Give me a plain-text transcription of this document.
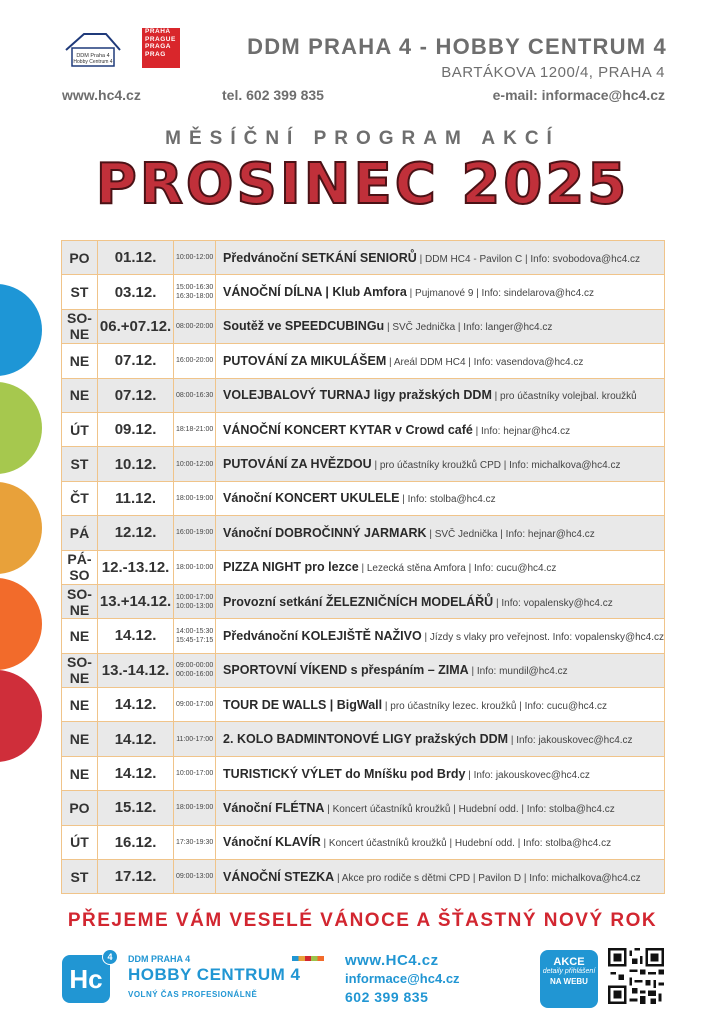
DDM Praha 4
Hobby Centrum 4
PRAHA
PRAGUE
PRAGA
PRAG	DDM PRAHA 4 - HOBBY CENTRUM 4
BARTÁKOVA 1200/4, PRAHA 4
www.hc4.cz	tel. 602 399 835	e-mail: informace@hc4.cz
MĚSÍČNÍ PROGRAM AKCÍ
PROSINEC 2025
PO	01.12.	10:00-12:00	Předvánoční SETKÁNÍ SENIORŮ | DDM HC4 - Pavilon C | Info: svobodova@hc4.cz
ST	03.12.	15:00-16:30
16:30-18:00	VÁNOČNÍ DÍLNA | Klub Amfora | Pujmanové 9 | Info: sindelarova@hc4.cz
SO-NE	06.+07.12.	08:00-20:00	Soutěž ve SPEEDCUBINGu | SVČ Jednička | Info: langer@hc4.cz
NE	07.12.	16:00-20:00	PUTOVÁNÍ ZA MIKULÁŠEM | Areál DDM HC4 | Info: vasendova@hc4.cz
NE	07.12.	08:00-16:30	VOLEJBALOVÝ TURNAJ ligy pražských DDM | pro účastníky volejbal. kroužků
ÚT	09.12.	18:18-21:00	VÁNOČNÍ KONCERT KYTAR v Crowd café | Info: hejnar@hc4.cz
ST	10.12.	10:00-12:00	PUTOVÁNÍ ZA HVĚZDOU | pro účastníky kroužků CPD | Info: michalkova@hc4.cz
ČT	11.12.	18:00-19:00	Vánoční KONCERT UKULELE | Info: stolba@hc4.cz
PÁ	12.12.	16:00-19:00	Vánoční DOBROČINNÝ JARMARK | SVČ Jednička | Info: hejnar@hc4.cz
PÁ-SO	12.-13.12.	18:00-10:00	PIZZA NIGHT pro lezce | Lezecká stěna Amfora | Info: cucu@hc4.cz
SO-NE	13.+14.12.	10:00-17:00
10:00-13:00	Provozní setkání ŽELEZNIČNÍCH MODELÁŘŮ | Info: vopalensky@hc4.cz
NE	14.12.	14:00-15:30
15:45-17:15	Předvánoční KOLEJIŠTĚ NAŽIVO | Jízdy s vlaky pro veřejnost. Info: vopalensky@hc4.cz
SO-NE	13.-14.12.	09:00-00:00
00:00-16:00	SPORTOVNÍ VÍKEND s přespáním – ZIMA | Info: mundil@hc4.cz
NE	14.12.	09:00-17:00	TOUR DE WALLS | BigWall | pro účastníky lezec. kroužků | Info: cucu@hc4.cz
NE	14.12.	11:00-17:00	2. KOLO BADMINTONOVÉ LIGY pražských DDM | Info: jakouskovec@hc4.cz
NE	14.12.	10:00-17:00	TURISTICKÝ VÝLET do Mníšku pod Brdy | Info: jakouskovec@hc4.cz
PO	15.12.	18:00-19:00	Vánoční FLÉTNA | Koncert účastníků kroužků | Hudební odd. | Info: stolba@hc4.cz
ÚT	16.12.	17:30-19:30	Vánoční KLAVÍR | Koncert účastníků kroužků | Hudební odd. | Info: stolba@hc4.cz
ST	17.12.	09:00-13:00	VÁNOČNÍ STEZKA | Akce pro rodiče s dětmi CPD | Pavilon D | Info: michalkova@hc4.cz
PŘEJEME VÁM VESELÉ VÁNOCE A ŠŤASTNÝ NOVÝ ROK
Hc
4	DDM PRAHA 4
HOBBY CENTRUM 4
VOLNÝ ČAS PROFESIONÁLNĚ
www.HC4.cz
informace@hc4.cz
602 399 835
AKCE
detaily přihlášení
NA WEBU
